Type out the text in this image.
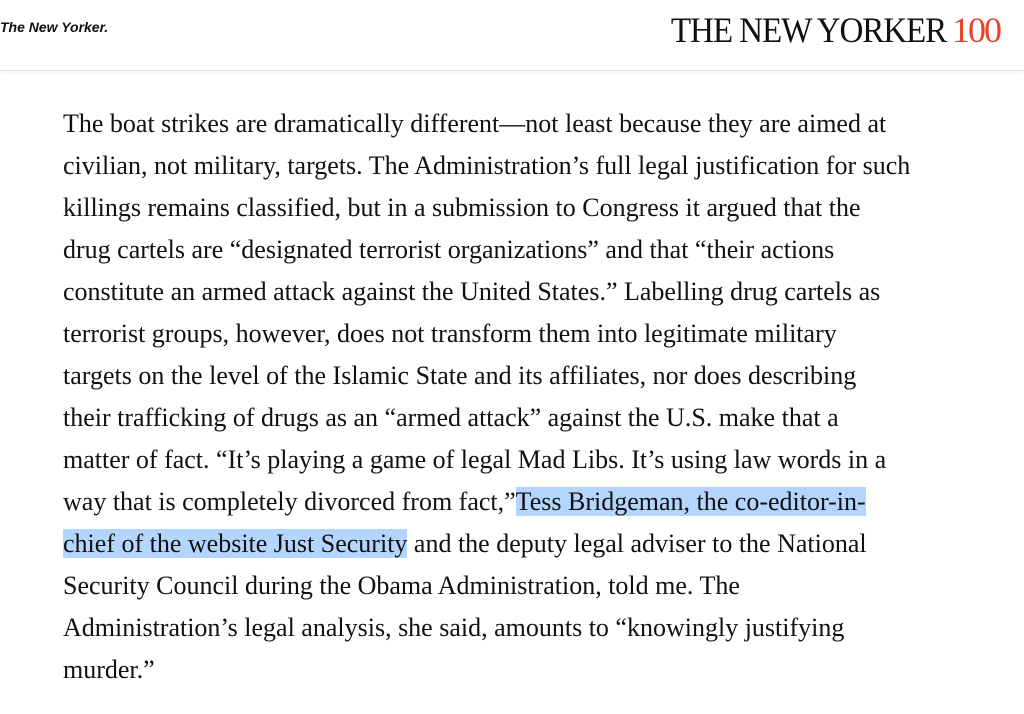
The New Yorker.	THE NEW YORKER 100

The boat strikes are dramatically different—not least because they are aimed at
civilian, not military, targets. The Administration’s full legal justification for such
killings remains classified, but in a submission to Congress it argued that the
drug cartels are “designated terrorist organizations” and that “their actions
constitute an armed attack against the United States.” Labelling drug cartels as
terrorist groups, however, does not transform them into legitimate military
targets on the level of the Islamic State and its affiliates, nor does describing
their trafficking of drugs as an “armed attack” against the U.S. make that a
matter of fact. “It’s playing a game of legal Mad Libs. It’s using law words in a
way that is completely divorced from fact,”Tess Bridgeman, the co-editor-in-
chief of the website Just Security and the deputy legal adviser to the National
Security Council during the Obama Administration, told me. The
Administration’s legal analysis, she said, amounts to “knowingly justifying
murder.”
